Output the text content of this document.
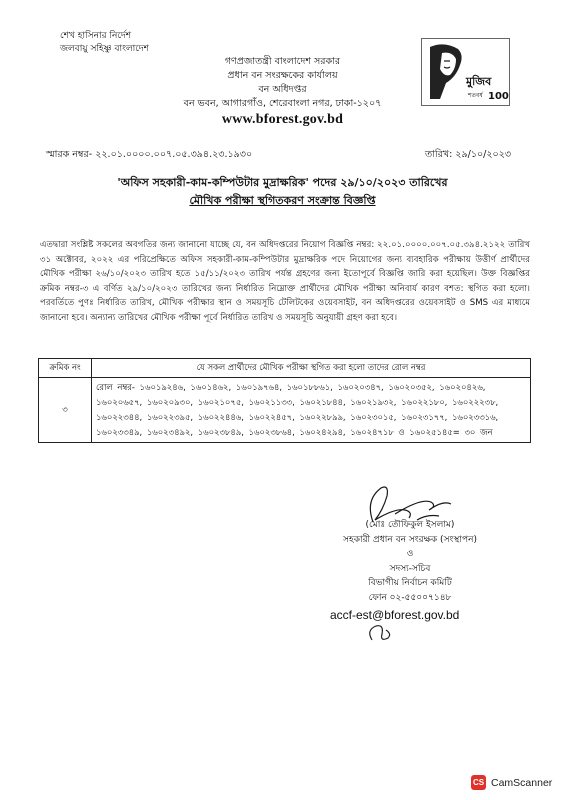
শেখ হাসিনার নির্দেশ
জলবায়ু সহিষ্ণু বাংলাদেশ
গণপ্রজাতন্ত্রী বাংলাদেশ সরকার
প্রধান বন সংরক্ষকের কার্যালয়
বন অধিদপ্তর
বন ভবন, আগারগাঁও, শেরেবাংলা নগর, ঢাকা-১২০৭
www.bforest.gov.bd
মুজিব
শতবর্ষ 100
স্মারক নম্বর- ২২.০১.০০০০.০০৭.০৫.৩৯৪.২৩.১৯৩০	তারিখ: ২৯/১০/২০২৩
'অফিস সহকারী-কাম-কম্পিউটার মুদ্রাক্ষরিক' পদের ২৯/১০/২০২৩ তারিখের
মৌখিক পরীক্ষা স্থগিতকরণ সংক্রান্ত বিজ্ঞপ্তি
এতদ্বারা সংশ্লিষ্ট সকলের অবগতির জন্য জানানো যাচ্ছে যে, বন অধিদপ্তরের নিয়োগ বিজ্ঞপ্তি নম্বর: ২২.০১.০০০০.০০৭.০৫.৩৯৪.২১২২ তারিখ ৩১ অক্টোবর, ২০২২ এর পরিপ্রেক্ষিতে অফিস সহকারী-কাম-কম্পিউটার মুদ্রাক্ষরিক পদে নিয়োগের জন্য ব্যবহারিক পরীক্ষায় উত্তীর্ণ প্রার্থীদের মৌখিক পরীক্ষা ২৬/১০/২০২৩ তারিখ হতে ১৫/১১/২০২৩ তারিখ পর্যন্ত গ্রহণের জন্য ইতোপূর্বে বিজ্ঞপ্তি জারি করা হয়েছিল। উক্ত বিজ্ঞপ্তির ক্রমিক নম্বর-৩ এ বর্ণিত ২৯/১০/২০২৩ তারিখের জন্য নির্ধারিত নিম্নোক্ত প্রার্থীদের মৌখিক পরীক্ষা অনিবার্য কারণ বশত: স্থগিত করা হলো। পরবর্তিতে পুণঃ নির্ধারিত তারিখ, মৌখিক পরীক্ষার স্থান ও সময়সূচি টেলিটকের ওয়েবসাইট, বন অধিদপ্তরের ওয়েবসাইট ও SMS এর মাধ্যমে জানানো হবে। অন্যান্য তারিখের মৌখিক পরীক্ষা পূর্বে নির্ধারিত তারিখ ও সময়সূচি অনুযায়ী গ্রহণ করা হবে।
ক্রমিক নং	যে সকল প্রার্থীদের মৌখিক পরীক্ষা স্থগিত করা হলো তাদের রোল নম্বর
৩	রোল নম্বর- ১৬০১৯২৪৬, ১৬০১৪৬২, ১৬০১৯৭৬৪, ১৬০১৮৮৬১, ১৬০২০৩৪৭, ১৬০২০৩৫২, ১৬০২০৪২৬, ১৬০২০৬৫৭, ১৬০২০৯৩০, ১৬০২১০৭৫, ১৬০২১১৩৩, ১৬০২১৮৪৪, ১৬০২১৯৩২, ১৬০২২১৮০, ১৬০২২২৩৮, ১৬০২২৩৪৪, ১৬০২২৩৯৫, ১৬০২২৪৪৬, ১৬০২২৪৫৭, ১৬০২২৮৯৯, ১৬০২৩০১৫, ১৬০২৩১৭৭, ১৬০২৩৩১৬, ১৬০২৩৩৪৯, ১৬০২৩৪৯২, ১৬০২৩৮৪৯, ১৬০২৩৮৬৪, ১৬০২৪২৯৪, ১৬০২৪৭১৮ ও ১৬০২৫১৪৫= ৩০ জন
(মোঃ তৌফিকুল ইসলাম)
সহকারী প্রধান বন সংরক্ষক (সংস্থাপন)
ও
সদস্য-সচিব
বিভাগীয় নির্বাচন কমিটি
ফোন ০২-৫৫০০৭১৪৮
accf-est@bforest.gov.bd
CS CamScanner
